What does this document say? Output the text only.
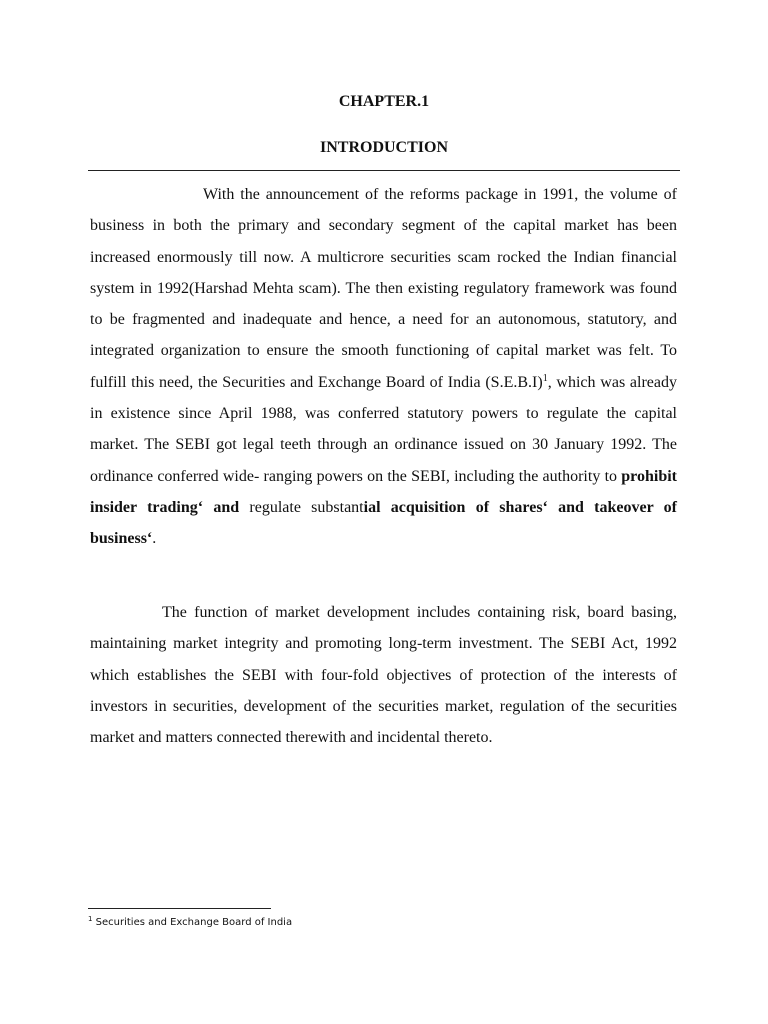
CHAPTER.1
INTRODUCTION

With the announcement of the reforms package in 1991, the volume of business in both the primary and secondary segment of the capital market has been increased enormously till now. A multicrore securities scam rocked the Indian financial system in 1992(Harshad Mehta scam). The then existing regulatory framework was found to be fragmented and inadequate and hence, a need for an autonomous, statutory, and integrated organization to ensure the smooth functioning of capital market was felt. To fulfill this need, the Securities and Exchange Board of India $(S.E.B.I)^1$, which was already in existence since April 1988, was conferred statutory powers to regulate the capital market. The SEBI got legal teeth through an ordinance issued on 30 January 1992. The ordinance conferred wide- ranging powers on the SEBI, including the authority to prohibit insider trading‘ and regulate substantial acquisition of shares‘ and takeover of business‘.

The function of market development includes containing risk, board basing, maintaining market integrity and promoting long-term investment. The SEBI Act, 1992 which establishes the SEBI with four-fold objectives of protection of the interests of investors in securities, development of the securities market, regulation of the securities market and matters connected therewith and incidental thereto.

$^1$ Securities and Exchange Board of India
